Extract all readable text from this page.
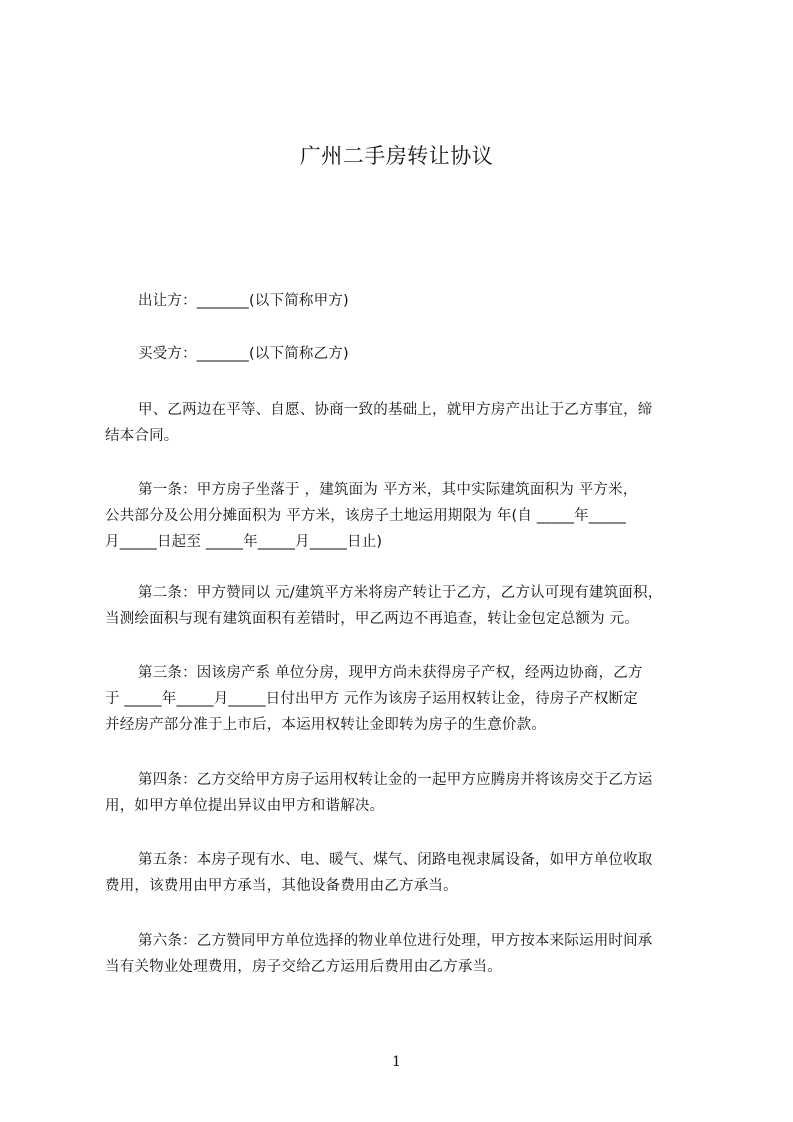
广州二手房转让协议
出让方：_______(以下简称甲方)
买受方：_______(以下简称乙方)
甲、乙两边在平等、自愿、协商一致的基础上，就甲方房产出让于乙方事宜，缔
结本合同。
第一条：甲方房子坐落于 ，建筑面为 平方米，其中实际建筑面积为 平方米，
公共部分及公用分摊面积为 平方米，该房子土地运用期限为 年(自 _____年_____
月_____日起至 _____年_____月_____日止)
第二条：甲方赞同以 元/建筑平方米将房产转让于乙方，乙方认可现有建筑面积，
当测绘面积与现有建筑面积有差错时，甲乙两边不再追查，转让金包定总额为 元。
第三条：因该房产系 单位分房，现甲方尚未获得房子产权，经两边协商，乙方
于 _____年_____月_____日付出甲方 元作为该房子运用权转让金，待房子产权断定
并经房产部分准于上市后，本运用权转让金即转为房子的生意价款。
第四条：乙方交给甲方房子运用权转让金的一起甲方应腾房并将该房交于乙方运
用，如甲方单位提出异议由甲方和谐解决。
第五条：本房子现有水、电、暖气、煤气、闭路电视隶属设备，如甲方单位收取
费用，该费用由甲方承当，其他设备费用由乙方承当。
第六条：乙方赞同甲方单位选择的物业单位进行处理，甲方按本来际运用时间承
当有关物业处理费用，房子交给乙方运用后费用由乙方承当。
1
